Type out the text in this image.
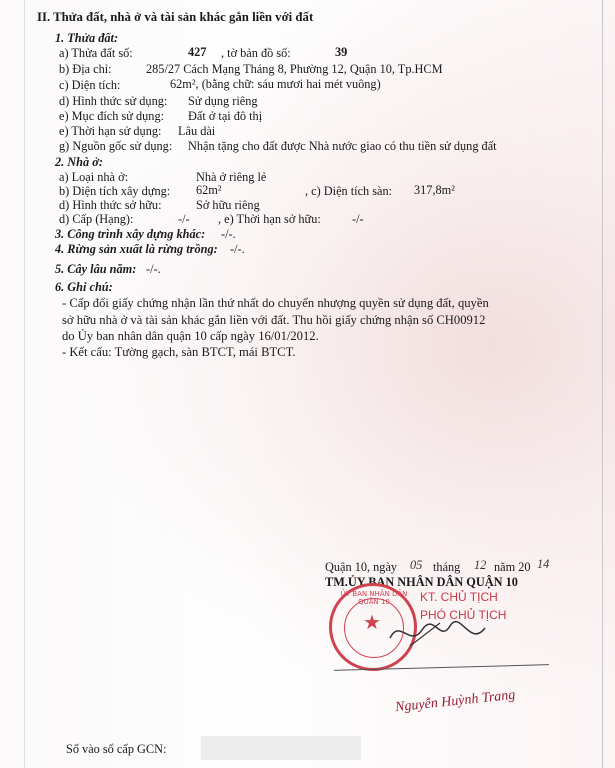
II. Thửa đất, nhà ở và tài sản khác gắn liền với đất
1. Thửa đất:
a) Thửa đất số:	427 , tờ bản đồ số:	39
b) Địa chỉ:	285/27 Cách Mạng Tháng 8, Phường 12, Quận 10, Tp.HCM
c) Diện tích:	62m², (bằng chữ: sáu mươi hai mét vuông)
d) Hình thức sử dụng: Sử dụng riêng
e) Mục đích sử dụng: Đất ở tại đô thị
e) Thời hạn sử dụng: Lâu dài
g) Nguồn gốc sử dụng: Nhận tặng cho đất được Nhà nước giao có thu tiền sử dụng đất
2. Nhà ở:
a) Loại nhà ở:	Nhà ở riêng lẻ
b) Diện tích xây dựng: 62m²	, c) Diện tích sàn: 317,8m²
d) Hình thức sở hữu:	Sở hữu riêng
d) Cấp (Hạng):	-/- , e) Thời hạn sở hữu:	-/-
3. Công trình xây dựng khác: -/-.
4. Rừng sản xuất là rừng trồng: -/-.
5. Cây lâu năm: -/-.
6. Ghi chú:
- Cấp đổi giấy chứng nhận lần thứ nhất do chuyển nhượng quyền sử dụng đất, quyền
sở hữu nhà ở và tài sản khác gắn liền với đất. Thu hồi giấy chứng nhận số CH00912
do Ủy ban nhân dân quận 10 cấp ngày 16/01/2012.
- Kết cấu: Tường gạch, sàn BTCT, mái BTCT.
Quận 10, ngày 05 tháng 12 năm 20 14
TM.ỦY BAN NHÂN DÂN QUẬN 10
ỦY BAN NHÂN DÂN QUẬN 10
★
KT. CHỦ TỊCH
PHÓ CHỦ TỊCH
Nguyễn Huỳnh Trang
Số vào sổ cấp GCN:
